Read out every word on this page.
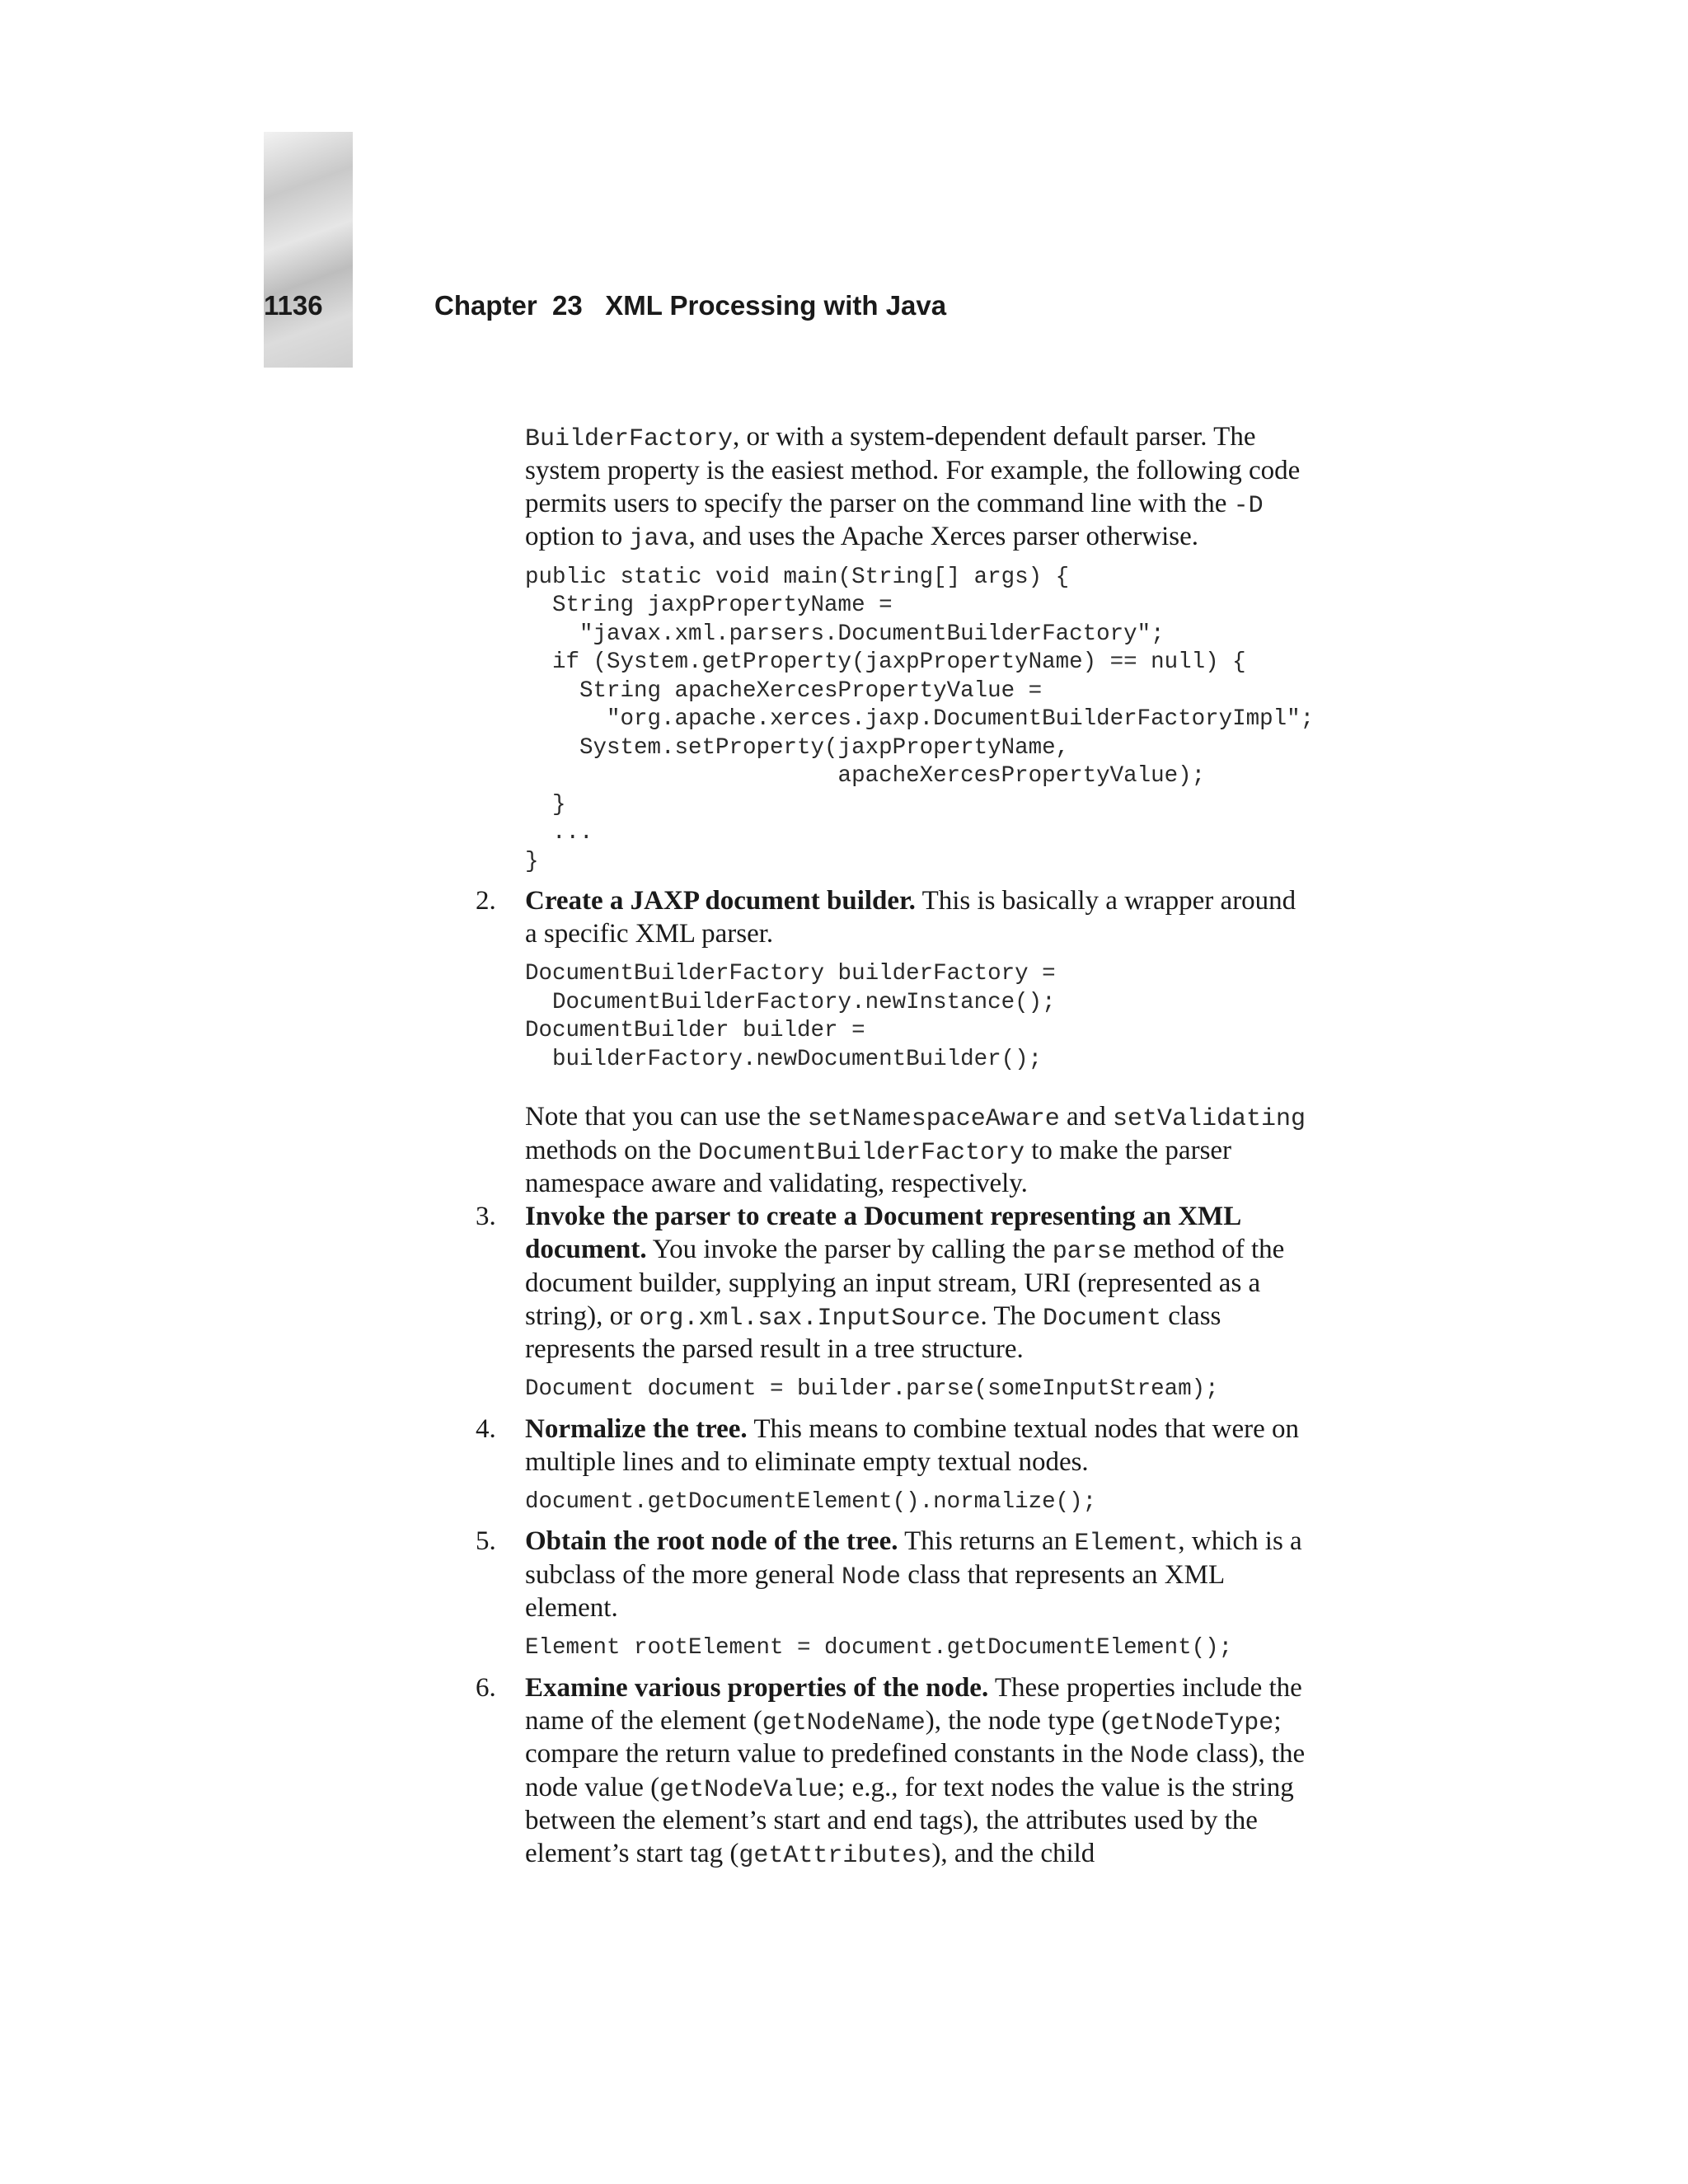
1136	Chapter  23   XML Processing with Java

BuilderFactory, or with a system-dependent default parser. The system property is the easiest method. For example, the following code permits users to specify the parser on the command line with the -D option to java, and uses the Apache Xerces parser otherwise.

public static void main(String[] args) {
String jaxpPropertyName =
"javax.xml.parsers.DocumentBuilderFactory";
if (System.getProperty(jaxpPropertyName) == null) {
String apacheXercesPropertyValue =
"org.apache.xerces.jaxp.DocumentBuilderFactoryImpl";
System.setProperty(jaxpPropertyName,
apacheXercesPropertyValue);
}
...
}
2. Create a JAXP document builder. This is basically a wrapper around a specific XML parser.

DocumentBuilderFactory builderFactory =
DocumentBuilderFactory.newInstance();
DocumentBuilder builder =
builderFactory.newDocumentBuilder();

Note that you can use the setNamespaceAware and setValidating methods on the DocumentBuilderFactory to make the parser namespace aware and validating, respectively.

3. Invoke the parser to create a Document representing an XML document. You invoke the parser by calling the parse method of the document builder, supplying an input stream, URI (represented as a string), or org.xml.sax.InputSource. The Document class represents the parsed result in a tree structure.

Document document = builder.parse(someInputStream);
4. Normalize the tree. This means to combine textual nodes that were on multiple lines and to eliminate empty textual nodes.

document.getDocumentElement().normalize();
5. Obtain the root node of the tree. This returns an Element, which is a subclass of the more general Node class that represents an XML element.

Element rootElement = document.getDocumentElement();
6. Examine various properties of the node. These properties include the name of the element (getNodeName), the node type (getNodeType; compare the return value to predefined constants in the Node class), the node value (getNodeValue; e.g., for text nodes the value is the string between the element’s start and end tags), the attributes used by the element’s start tag (getAttributes), and the child
